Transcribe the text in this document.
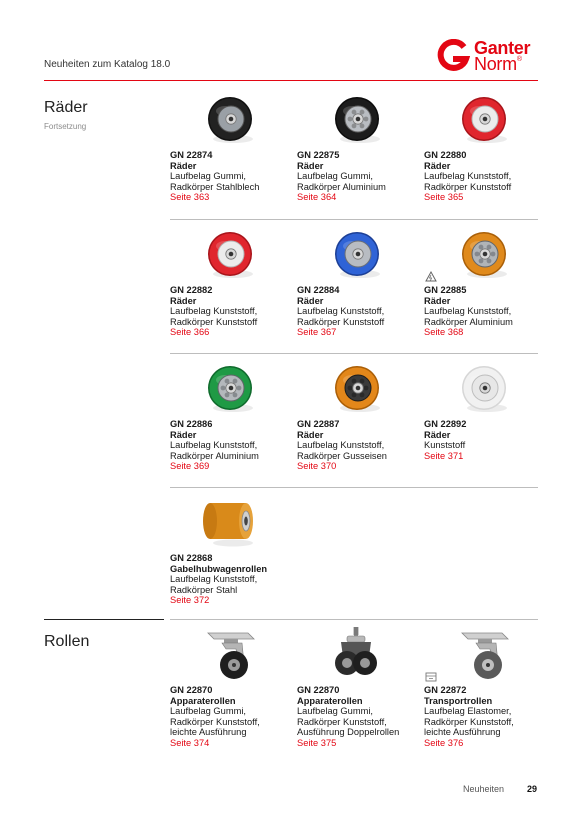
Neuheiten zum Katalog 18.0
Ganter
Norm®
Räder
Fortsetzung
Rollen
GN 22874
Räder
Laufbelag Gummi,
Radkörper Stahlblech
Seite 363
GN 22875
Räder
Laufbelag Gummi,
Radkörper Aluminium
Seite 364
GN 22880
Räder
Laufbelag Kunststoff,
Radkörper Kunststoff
Seite 365
GN 22882
Räder
Laufbelag Kunststoff,
Radkörper Kunststoff
Seite 366
GN 22884
Räder
Laufbelag Kunststoff,
Radkörper Kunststoff
Seite 367
GN 22885
Räder
Laufbelag Kunststoff,
Radkörper Aluminium
Seite 368
GN 22886
Räder
Laufbelag Kunststoff,
Radkörper Aluminium
Seite 369
GN 22887
Räder
Laufbelag Kunststoff,
Radkörper Gusseisen
Seite 370
GN 22892
Räder
Kunststoff
Seite 371
GN 22868
Gabelhubwagenrollen
Laufbelag Kunststoff,
Radkörper Stahl
Seite 372
GN 22870
Apparaterollen
Laufbelag Gummi,
Radkörper Kunststoff,
leichte Ausführung
Seite 374
GN 22870
Apparaterollen
Laufbelag Gummi,
Radkörper Kunststoff,
Ausführung Doppelrollen
Seite 375
GN 22872
Transportrollen
Laufbelag Elastomer,
Radkörper Kunststoff,
leichte Ausführung
Seite 376
Neuheiten	29
